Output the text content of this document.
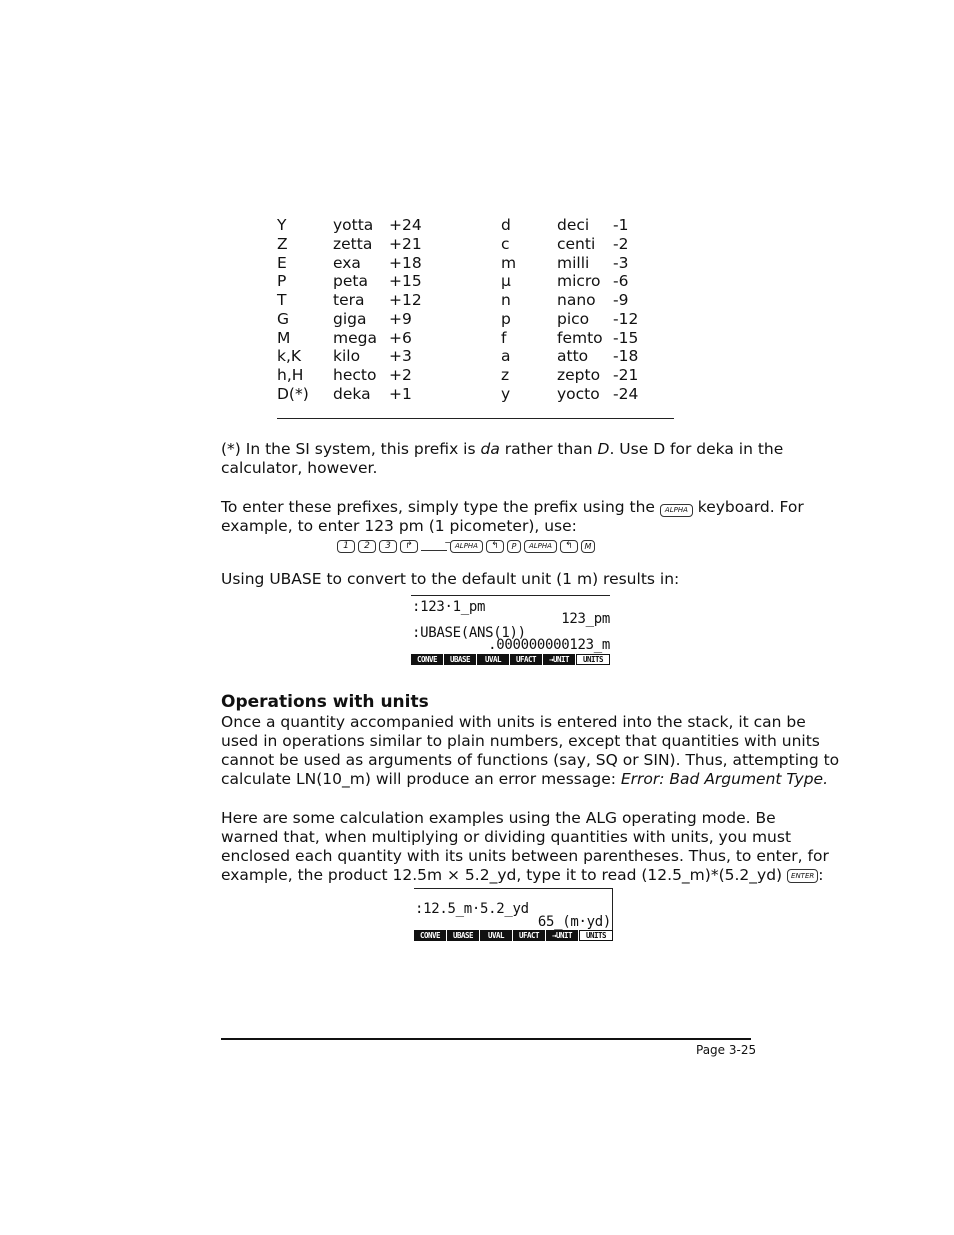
Y	yotta +24	d	deci -1
Z	zetta +21	c	centi -2
E	exa +18	m	milli -3
P	peta +15	µ	micro -6
T	tera +12	n	nano -9
G	giga +9	p	pico -12
M	mega +6	f	femto -15
k,K kilo +3	a	atto -18
h,H hecto +2	z	zepto -21
D(*) deka +1	y	yocto -24

(*) In the SI system, this prefix is da rather than D. Use D for deka in the

calculator, however.

To enter these prefixes, simply type the prefix using the ALPHA keyboard. For

example, to enter 123 pm (1 picometer), use:

1	2	3	↱
−	ALPHA	↰	P	ALPHA	↰	M

Using UBASE to convert to the default unit (1 m) results in:

:123·1_pm
123_pm
:UBASE(ANS(1))
.000000000123_m
CONVE	UBASE	UVAL	UFACT	→UNIT	UNITS
Operations with units

Once a quantity accompanied with units is entered into the stack, it can be

used in operations similar to plain numbers, except that quantities with units

cannot be used as arguments of functions (say, SQ or SIN). Thus, attempting to

calculate LN(10_m) will produce an error message: Error: Bad Argument Type.

Here are some calculation examples using the ALG operating mode. Be

warned that, when multiplying or dividing quantities with units, you must

enclosed each quantity with its units between parentheses. Thus, to enter, for

example, the product 12.5m × 5.2_yd, type it to read (12.5_m)*(5.2_yd) ENTER :

:12.5_m·5.2_yd
65_(m·yd)
CONVE	UBASE	UVAL	UFACT	→UNIT	UNITS
Page 3-25
